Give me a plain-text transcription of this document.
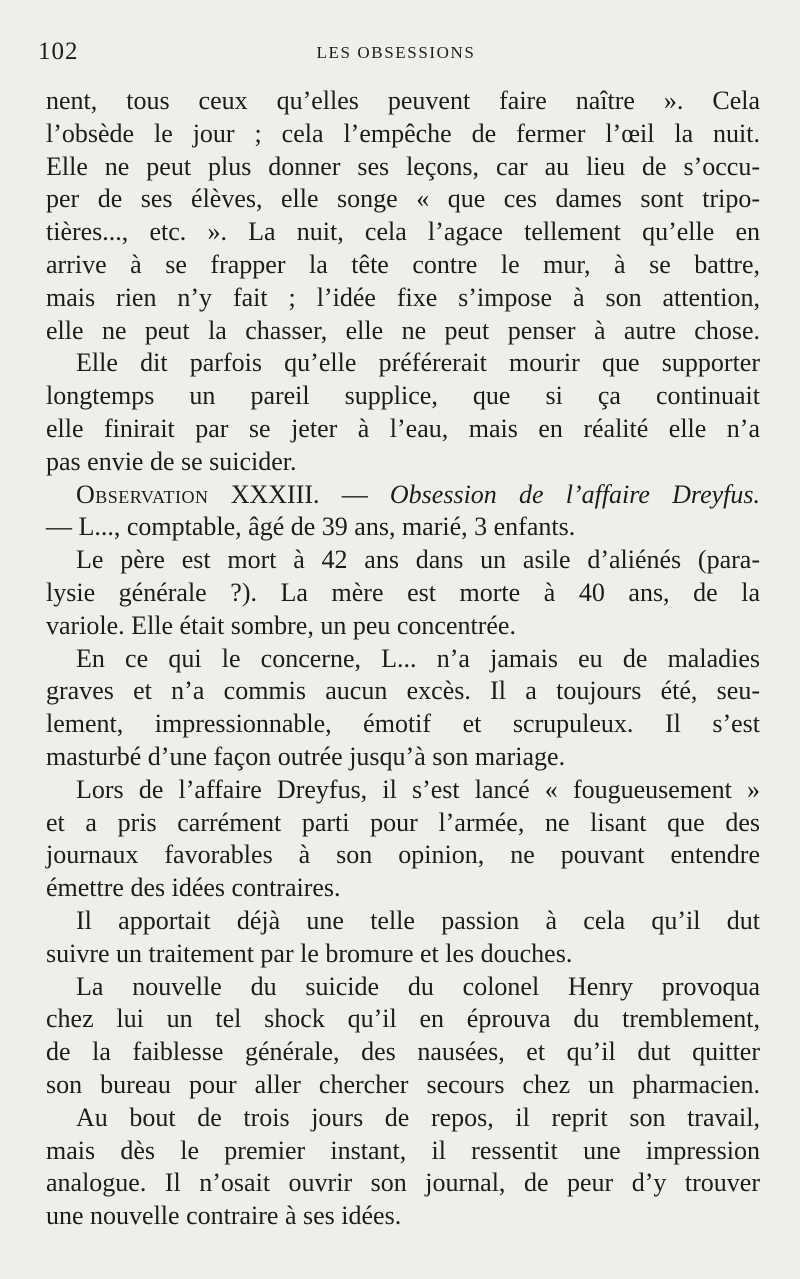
102	LES OBSESSIONS
nent, tous ceux qu’elles peuvent faire naître ». Cela
l’obsède le jour ; cela l’empêche de fermer l’œil la nuit.
Elle ne peut plus donner ses leçons, car au lieu de s’occu-
per de ses élèves, elle songe « que ces dames sont tripo-
tières..., etc. ». La nuit, cela l’agace tellement qu’elle en
arrive à se frapper la tête contre le mur, à se battre,
mais rien n’y fait ; l’idée fixe s’impose à son attention,
elle ne peut la chasser, elle ne peut penser à autre chose.
Elle dit parfois qu’elle préférerait mourir que supporter
longtemps un pareil supplice, que si ça continuait
elle finirait par se jeter à l’eau, mais en réalité elle n’a
pas envie de se suicider.
Observation XXXIII. — Obsession de l’affaire Dreyfus.
— L..., comptable, âgé de 39 ans, marié, 3 enfants.
Le père est mort à 42 ans dans un asile d’aliénés (para-
lysie générale ?). La mère est morte à 40 ans, de la
variole. Elle était sombre, un peu concentrée.
En ce qui le concerne, L... n’a jamais eu de maladies
graves et n’a commis aucun excès. Il a toujours été, seu-
lement, impressionnable, émotif et scrupuleux. Il s’est
masturbé d’une façon outrée jusqu’à son mariage.
Lors de l’affaire Dreyfus, il s’est lancé « fougueusement »
et a pris carrément parti pour l’armée, ne lisant que des
journaux favorables à son opinion, ne pouvant entendre
émettre des idées contraires.
Il apportait déjà une telle passion à cela qu’il dut
suivre un traitement par le bromure et les douches.
La nouvelle du suicide du colonel Henry provoqua
chez lui un tel shock qu’il en éprouva du tremblement,
de la faiblesse générale, des nausées, et qu’il dut quitter
son bureau pour aller chercher secours chez un pharmacien.
Au bout de trois jours de repos, il reprit son travail,
mais dès le premier instant, il ressentit une impression
analogue. Il n’osait ouvrir son journal, de peur d’y trouver
une nouvelle contraire à ses idées.
